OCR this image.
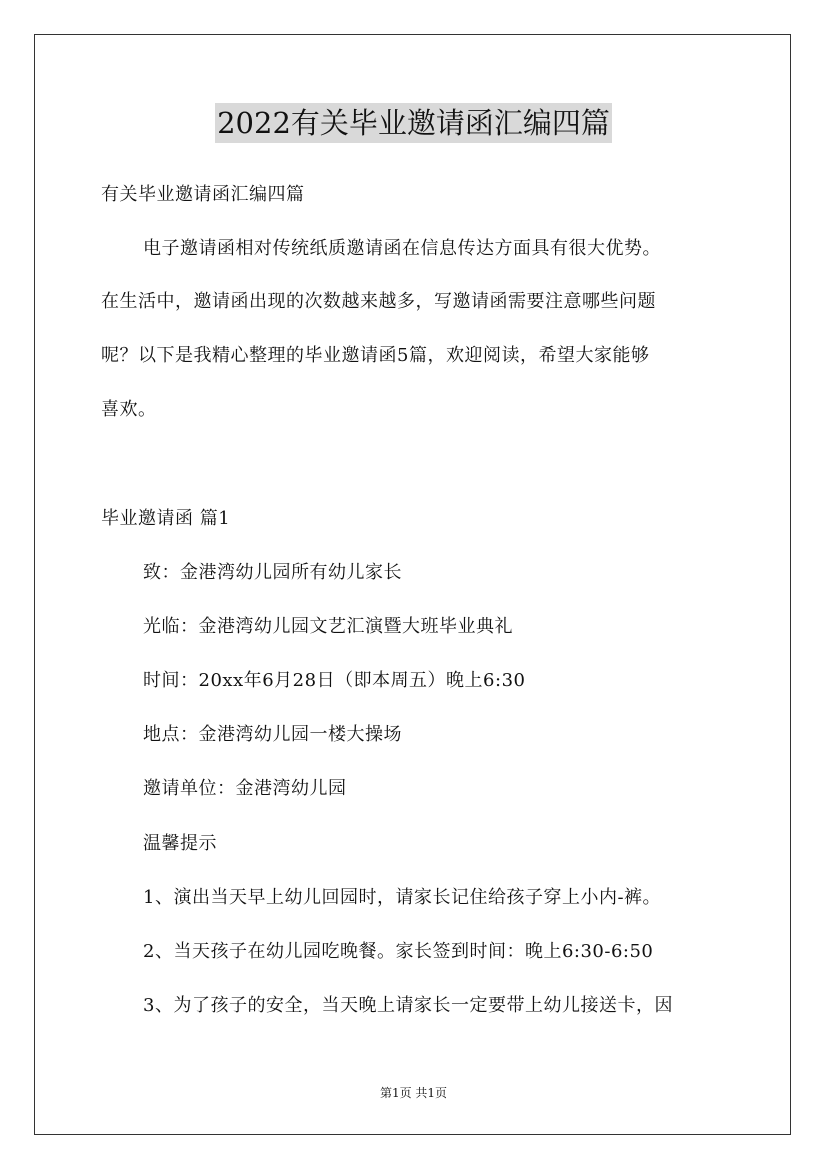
2022有关毕业邀请函汇编四篇
有关毕业邀请函汇编四篇
电子邀请函相对传统纸质邀请函在信息传达方面具有很大优势。
在生活中，邀请函出现的次数越来越多，写邀请函需要注意哪些问题
呢？以下是我精心整理的毕业邀请函5篇，欢迎阅读，希望大家能够
喜欢。
毕业邀请函 篇1
致：金港湾幼儿园所有幼儿家长
光临：金港湾幼儿园文艺汇演暨大班毕业典礼
时间：20xx年6月28日（即本周五）晚上6:30
地点：金港湾幼儿园一楼大操场
邀请单位：金港湾幼儿园
温馨提示
1、演出当天早上幼儿回园时，请家长记住给孩子穿上小内-裤。
2、当天孩子在幼儿园吃晚餐。家长签到时间：晚上6:30-6:50
3、为了孩子的安全，当天晚上请家长一定要带上幼儿接送卡，因
第1页 共1页
